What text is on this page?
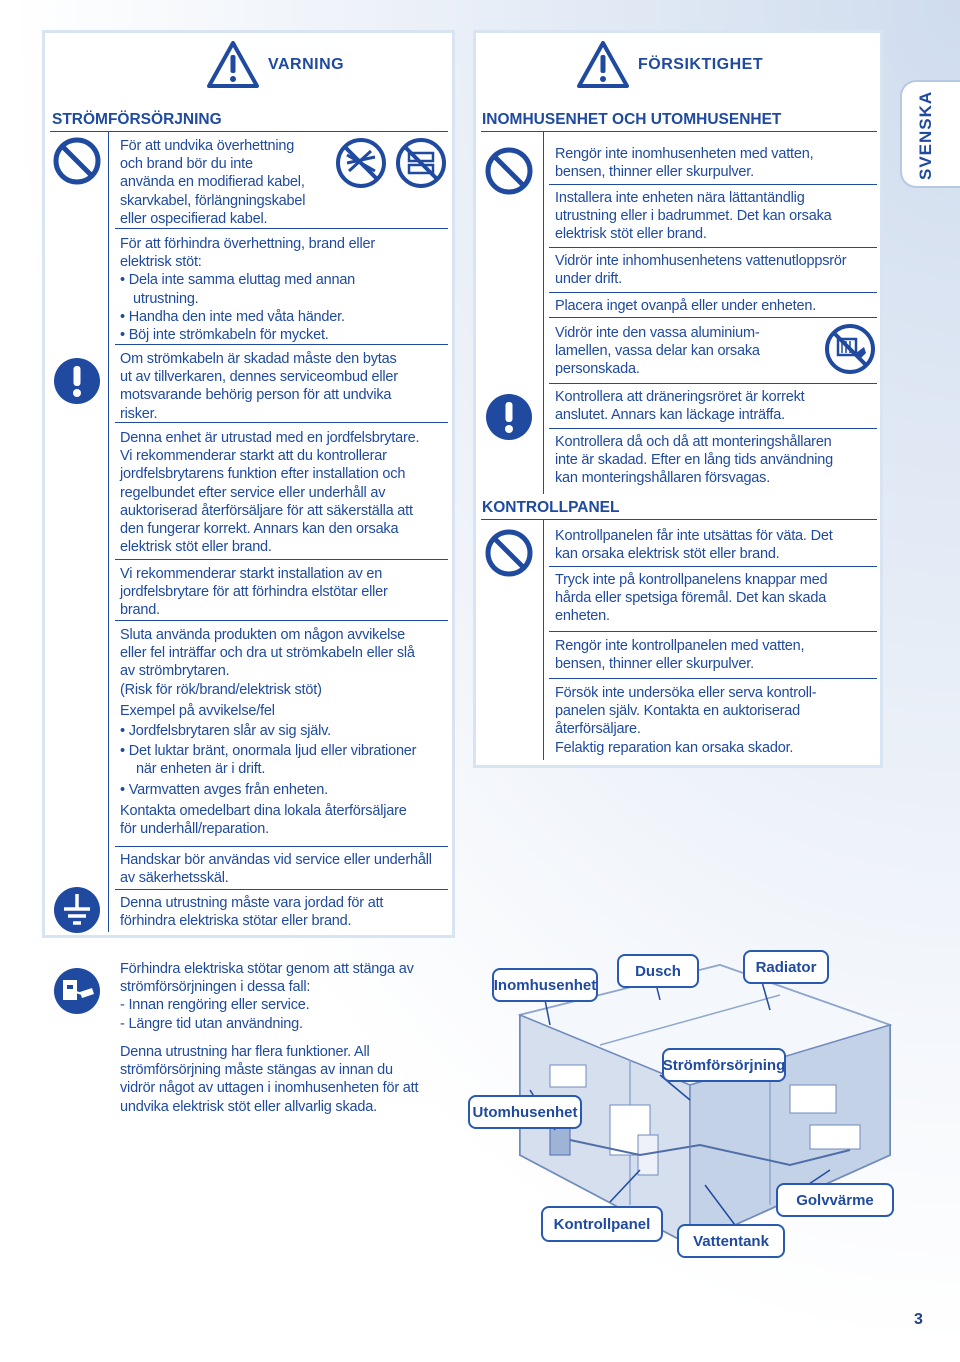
SVENSKA
VARNING
STRÖMFÖRSÖRJNING
För att undvika överhettning
och brand bör du inte
använda en modifierad kabel,
skarvkabel, förlängningskabel
eller ospecifierad kabel.
För att förhindra överhettning, brand eller
elektrisk stöt:
• Dela inte samma eluttag med annan
utrustning.
• Handha den inte med våta händer.
• Böj inte strömkabeln för mycket.
Om strömkabeln är skadad måste den bytas
ut av tillverkaren, dennes serviceombud eller
motsvarande behörig person för att undvika
risker.
Denna enhet är utrustad med en jordfelsbrytare.
Vi rekommenderar starkt att du kontrollerar
jordfelsbrytarens funktion efter installation och
regelbundet efter service eller underhåll av
auktoriserad återförsäljare för att säkerställa att
den fungerar korrekt. Annars kan den orsaka
elektrisk stöt eller brand.
Vi rekommenderar starkt installation av en
jordfelsbrytare för att förhindra elstötar eller
brand.
Sluta använda produkten om någon avvikelse
eller fel inträffar och dra ut strömkabeln eller slå
av strömbrytaren.
(Risk för rök/brand/elektrisk stöt)
Exempel på avvikelse/fel
• Jordfelsbrytaren slår av sig själv.
• Det luktar bränt, onormala ljud eller vibrationer
när enheten är i drift.
• Varmvatten avges från enheten.
Kontakta omedelbart dina lokala återförsäljare
för underhåll/reparation.
Handskar bör användas vid service eller underhåll
av säkerhetsskäl.
Denna utrustning måste vara jordad för att
förhindra elektriska stötar eller brand.
Förhindra elektriska stötar genom att stänga av
strömförsörjningen i dessa fall:
- Innan rengöring eller service.
- Längre tid utan användning.
Denna utrustning har flera funktioner. All
strömförsörjning måste stängas av innan du
vidrör något av uttagen i inomhusenheten för att
undvika elektrisk stöt eller allvarlig skada.
FÖRSIKTIGHET
INOMHUSENHET OCH UTOMHUSENHET
Rengör inte inomhusenheten med vatten,
bensen, thinner eller skurpulver.
Installera inte enheten nära lättantändlig
utrustning eller i badrummet. Det kan orsaka
elektrisk stöt eller brand.
Vidrör inte inhomhusenhetens vattenutloppsrör
under drift.
Placera inget ovanpå eller under enheten.
Vidrör inte den vassa aluminium-
lamellen, vassa delar kan orsaka
personskada.
Kontrollera att dräneringsröret är korrekt
anslutet. Annars kan läckage inträffa.
Kontrollera då och då att monteringshållaren
inte är skadad. Efter en lång tids användning
kan monteringshållaren försvagas.
KONTROLLPANEL
Kontrollpanelen får inte utsättas för väta. Det
kan orsaka elektrisk stöt eller brand.
Tryck inte på kontrollpanelens knappar med
hårda eller spetsiga föremål. Det kan skada
enheten.
Rengör inte kontrollpanelen med vatten,
bensen, thinner eller skurpulver.
Försök inte undersöka eller serva kontroll-
panelen själv. Kontakta en auktoriserad
återförsäljare.
Felaktig reparation kan orsaka skador.
Inomhusenhet
Dusch	Radiator
Strömförsörjning
Utomhusenhet
Golvvärme
Kontrollpanel
Vattentank
3
